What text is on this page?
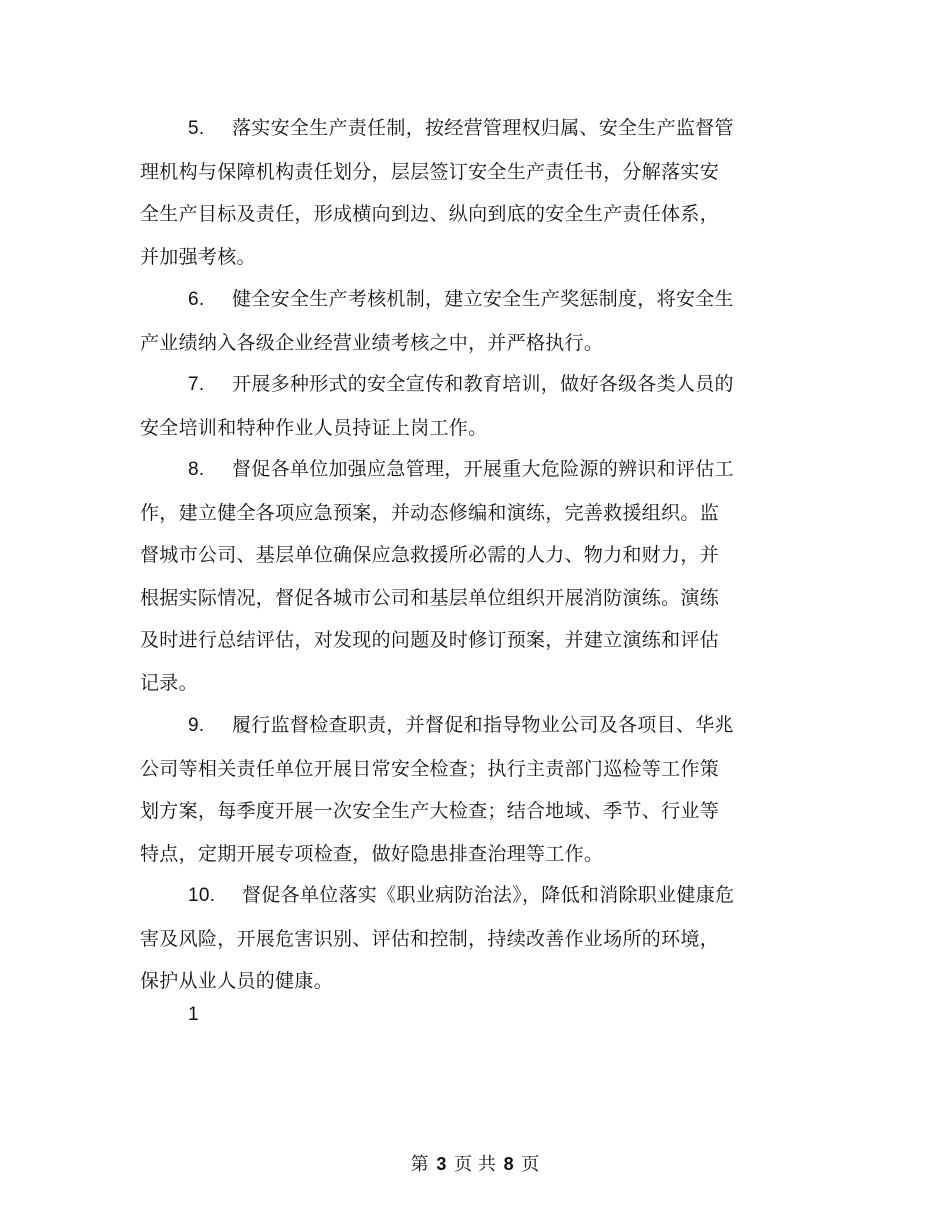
5. 落实安全生产责任制，按经营管理权归属、安全生产监督管
理机构与保障机构责任划分，层层签订安全生产责任书，分解落实安
全生产目标及责任，形成横向到边、纵向到底的安全生产责任体系，
并加强考核。
6. 健全安全生产考核机制，建立安全生产奖惩制度，将安全生
产业绩纳入各级企业经营业绩考核之中，并严格执行。
7. 开展多种形式的安全宣传和教育培训，做好各级各类人员的
安全培训和特种作业人员持证上岗工作。
8. 督促各单位加强应急管理，开展重大危险源的辨识和评估工
作，建立健全各项应急预案，并动态修编和演练，完善救援组织。监
督城市公司、基层单位确保应急救援所必需的人力、物力和财力，并
根据实际情况，督促各城市公司和基层单位组织开展消防演练。演练
及时进行总结评估，对发现的问题及时修订预案，并建立演练和评估
记录。
9. 履行监督检查职责，并督促和指导物业公司及各项目、华兆
公司等相关责任单位开展日常安全检查；执行主责部门巡检等工作策
划方案，每季度开展一次安全生产大检查；结合地域、季节、行业等
特点，定期开展专项检查，做好隐患排查治理等工作。
10. 督促各单位落实《职业病防治法》，降低和消除职业健康危
害及风险，开展危害识别、评估和控制，持续改善作业场所的环境，
保护从业人员的健康。
1
第 3 页 共 8 页
